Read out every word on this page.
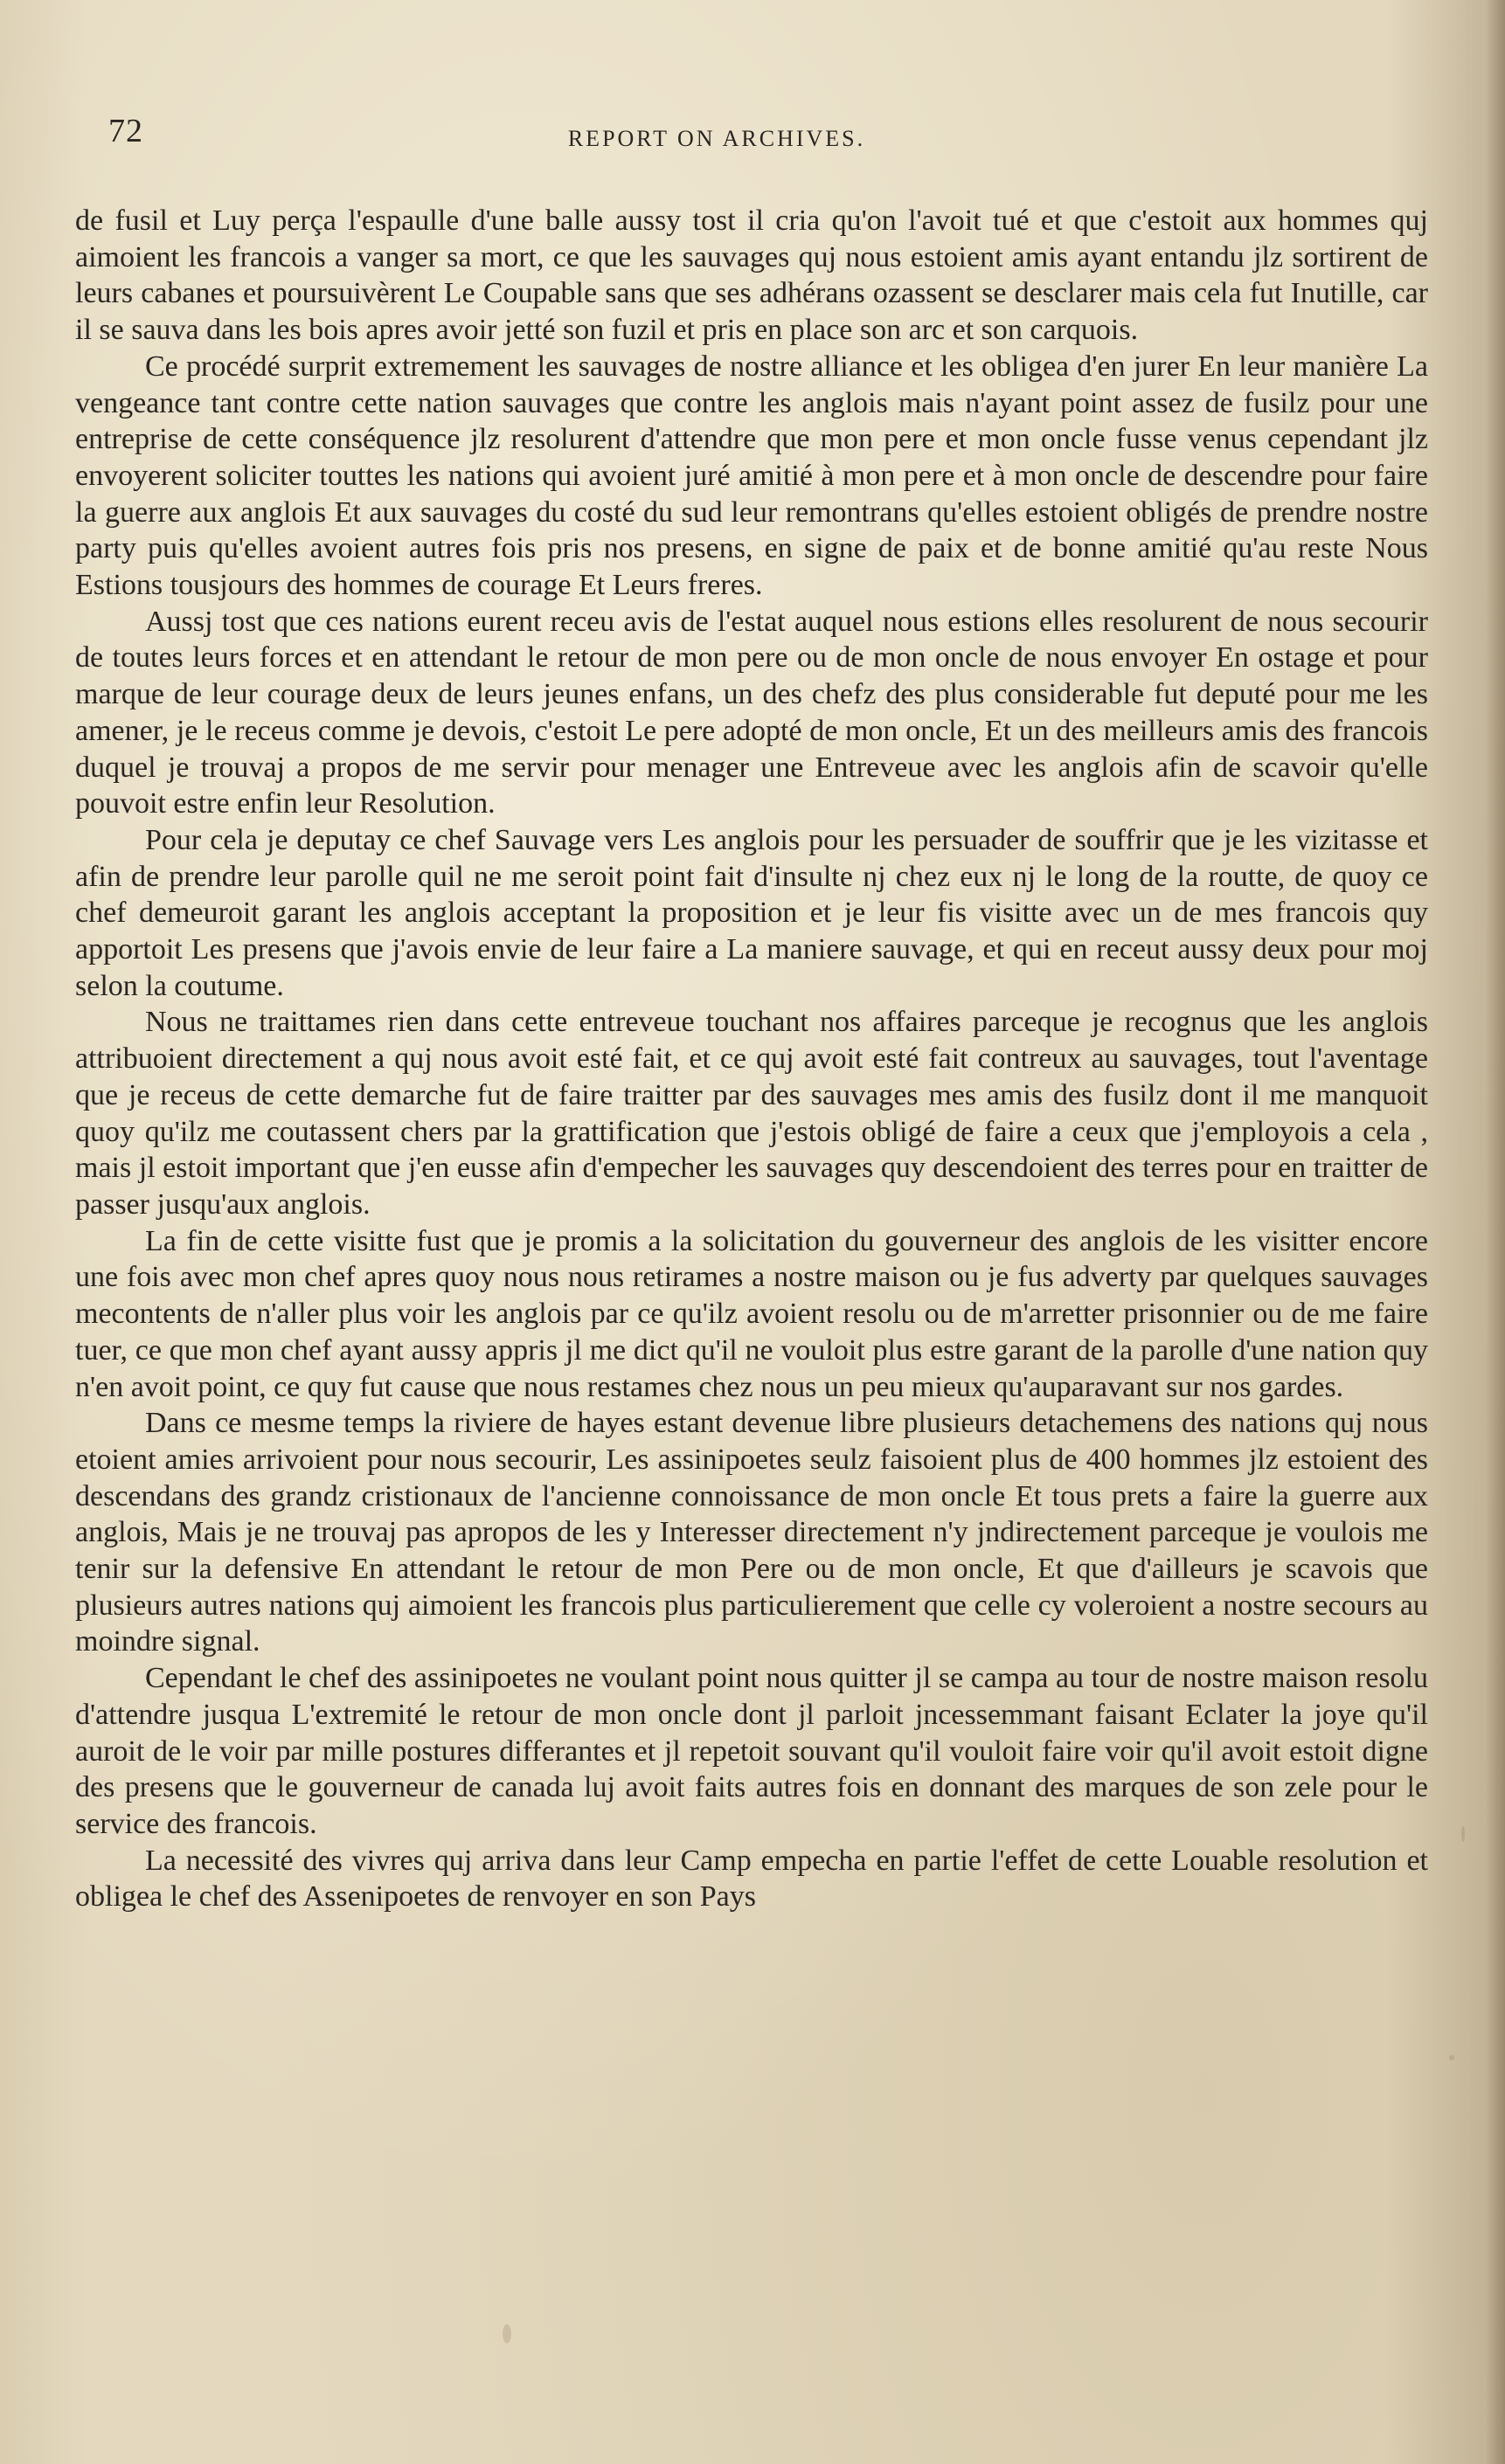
72	REPORT ON ARCHIVES.

de fusil et Luy perça l'espaulle d'une balle aussy tost il cria qu'on l'avoit tué et que c'estoit aux hommes quj aimoient les francois a vanger sa mort, ce que les sauvages quj nous estoient amis ayant entandu jlz sortirent de leurs cabanes et poursuivèrent Le Coupable sans que ses adhérans ozassent se desclarer mais cela fut Inutille, car il se sauva dans les bois apres avoir jetté son fuzil et pris en place son arc et son carquois.

Ce procédé surprit extremement les sauvages de nostre alliance et les obligea d'en jurer En leur manière La vengeance tant contre cette nation sauvages que contre les anglois mais n'ayant point assez de fusilz pour une entreprise de cette conséquence jlz resolurent d'attendre que mon pere et mon oncle fusse venus cependant jlz envoyerent soliciter touttes les nations qui avoient juré amitié à mon pere et à mon oncle de descendre pour faire la guerre aux anglois Et aux sauvages du costé du sud leur remontrans qu'elles estoient obligés de prendre nostre party puis qu'elles avoient autres fois pris nos presens, en signe de paix et de bonne amitié qu'au reste Nous Estions tousjours des hommes de courage Et Leurs freres.

Aussj tost que ces nations eurent receu avis de l'estat auquel nous estions elles resolurent de nous secourir de toutes leurs forces et en attendant le retour de mon pere ou de mon oncle de nous envoyer En ostage et pour marque de leur courage deux de leurs jeunes enfans, un des chefz des plus considerable fut deputé pour me les amener, je le receus comme je devois, c'estoit Le pere adopté de mon oncle, Et un des meilleurs amis des francois duquel je trouvaj a propos de me servir pour menager une Entreveue avec les anglois afin de scavoir qu'elle pouvoit estre enfin leur Resolution.

Pour cela je deputay ce chef Sauvage vers Les anglois pour les persuader de souffrir que je les vizitasse et afin de prendre leur parolle quil ne me seroit point fait d'insulte nj chez eux nj le long de la routte, de quoy ce chef demeuroit garant les anglois acceptant la proposition et je leur fis visitte avec un de mes francois quy apportoit Les presens que j'avois envie de leur faire a La maniere sauvage, et qui en receut aussy deux pour moj selon la coutume.

Nous ne traittames rien dans cette entreveue touchant nos affaires parceque je recognus que les anglois attribuoient directement a quj nous avoit esté fait, et ce quj avoit esté fait contreux au sauvages, tout l'aventage que je receus de cette demarche fut de faire traitter par des sauvages mes amis des fusilz dont il me manquoit quoy qu'ilz me coutassent chers par la grattification que j'estois obligé de faire a ceux que j'employois a cela , mais jl estoit important que j'en eusse afin d'empecher les sauvages quy descendoient des terres pour en traitter de passer jusqu'aux anglois.

La fin de cette visitte fust que je promis a la solicitation du gouverneur des anglois de les visitter encore une fois avec mon chef apres quoy nous nous retirames a nostre maison ou je fus adverty par quelques sauvages mecontents de n'aller plus voir les anglois par ce qu'ilz avoient resolu ou de m'arretter prisonnier ou de me faire tuer, ce que mon chef ayant aussy appris jl me dict qu'il ne vouloit plus estre garant de la parolle d'une nation quy n'en avoit point, ce quy fut cause que nous restames chez nous un peu mieux qu'auparavant sur nos gardes.

Dans ce mesme temps la riviere de hayes estant devenue libre plusieurs detachemens des nations quj nous etoient amies arrivoient pour nous secourir, Les assinipoetes seulz faisoient plus de 400 hommes jlz estoient des descendans des grandz cristionaux de l'ancienne connoissance de mon oncle Et tous prets a faire la guerre aux anglois, Mais je ne trouvaj pas apropos de les y Interesser directement n'y jndirectement parceque je voulois me tenir sur la defensive En attendant le retour de mon Pere ou de mon oncle, Et que d'ailleurs je scavois que plusieurs autres nations quj aimoient les francois plus particulierement que celle cy voleroient a nostre secours au moindre signal.

Cependant le chef des assinipoetes ne voulant point nous quitter jl se campa au tour de nostre maison resolu d'attendre jusqua L'extremité le retour de mon oncle dont jl parloit jncessemmant faisant Eclater la joye qu'il auroit de le voir par mille postures differantes et jl repetoit souvant qu'il vouloit faire voir qu'il avoit estoit digne des presens que le gouverneur de canada luj avoit faits autres fois en donnant des marques de son zele pour le service des francois.

La necessité des vivres quj arriva dans leur Camp empecha en partie l'effet de cette Louable resolution et obligea le chef des Assenipoetes de renvoyer en son Pays
